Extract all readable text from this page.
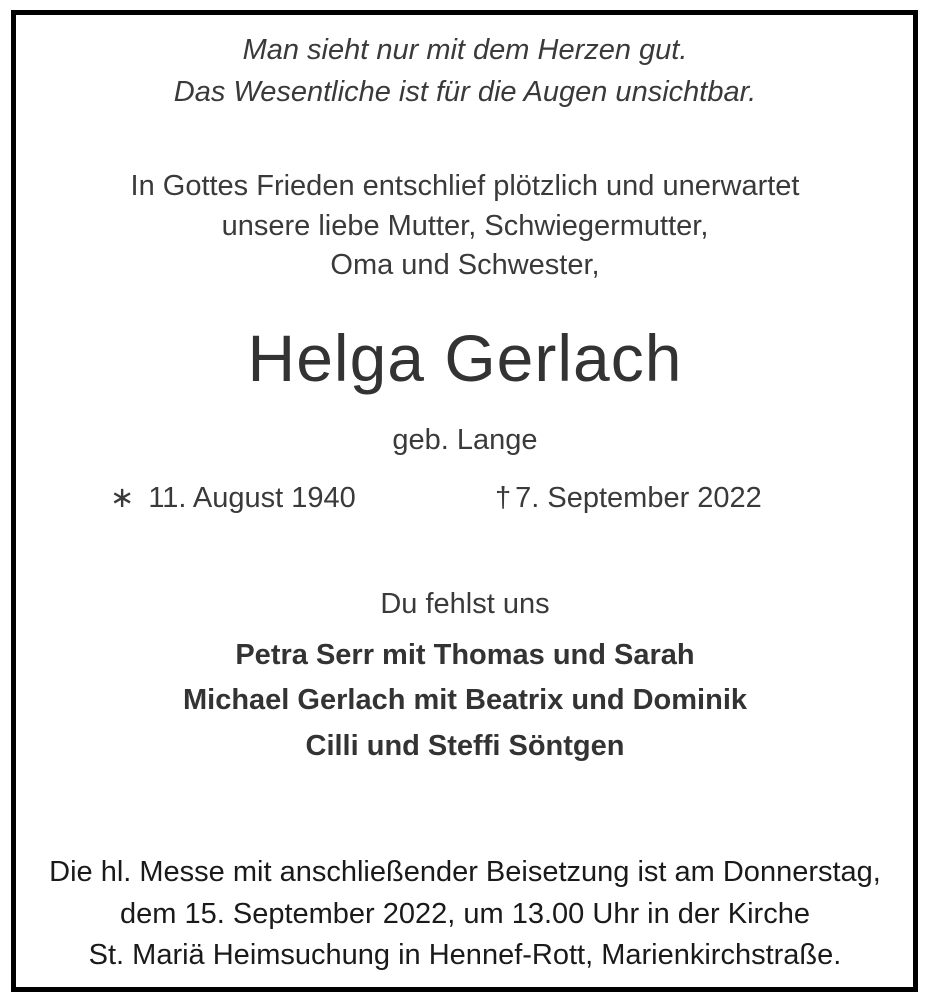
Man sieht nur mit dem Herzen gut.
Das Wesentliche ist für die Augen unsichtbar.
In Gottes Frieden entschlief plötzlich und unerwartet
unsere liebe Mutter, Schwiegermutter,
Oma und Schwester,
Helga Gerlach
geb. Lange
∗ 11. August 1940	† 7. September 2022
Du fehlst uns
Petra Serr mit Thomas und Sarah
Michael Gerlach mit Beatrix und Dominik
Cilli und Steffi Söntgen
Die hl. Messe mit anschließender Beisetzung ist am Donnerstag,
dem 15. September 2022, um 13.00 Uhr in der Kirche
St. Mariä Heimsuchung in Hennef-Rott, Marienkirchstraße.
